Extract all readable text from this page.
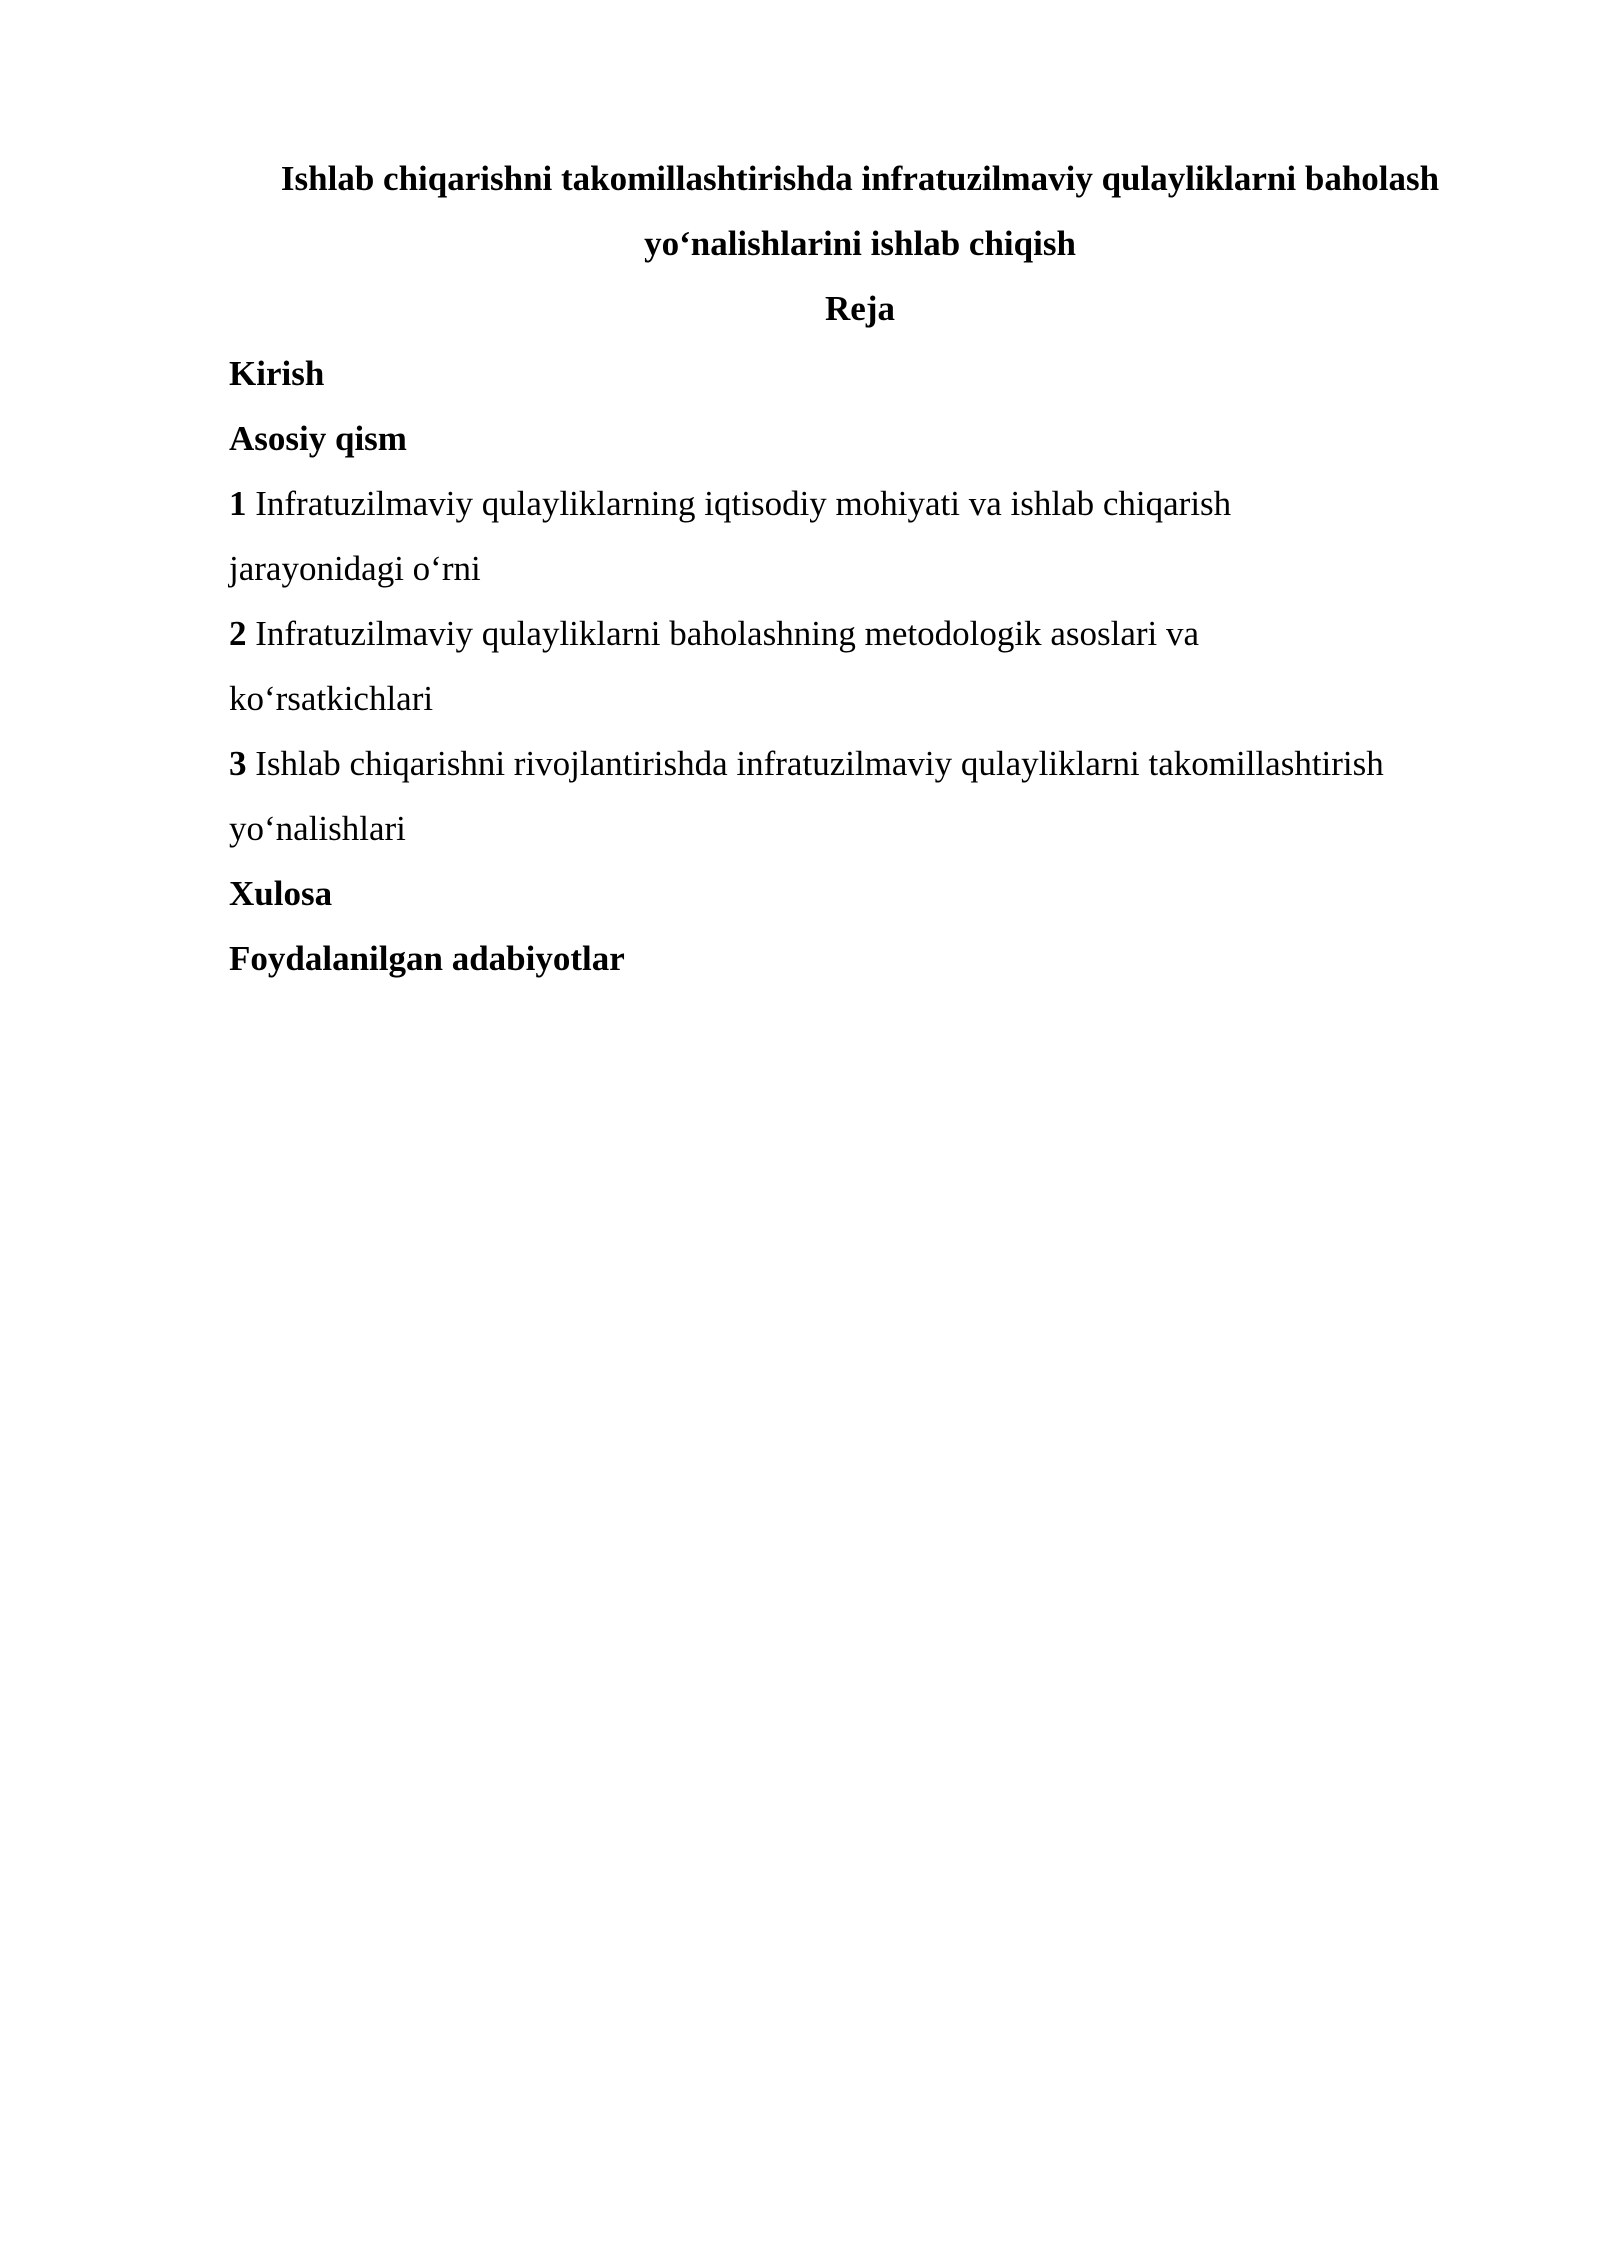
Ishlab chiqarishni takomillashtirishda infratuzilmaviy qulayliklarni baholash
yo‘nalishlarini ishlab chiqish
Reja
Kirish
Asosiy qism
1 Infratuzilmaviy qulayliklarning iqtisodiy mohiyati va ishlab chiqarish
jarayonidagi o‘rni
2 Infratuzilmaviy qulayliklarni baholashning metodologik asoslari va
ko‘rsatkichlari
3 Ishlab chiqarishni rivojlantirishda infratuzilmaviy qulayliklarni takomillashtirish
yo‘nalishlari
Xulosa
Foydalanilgan adabiyotlar
